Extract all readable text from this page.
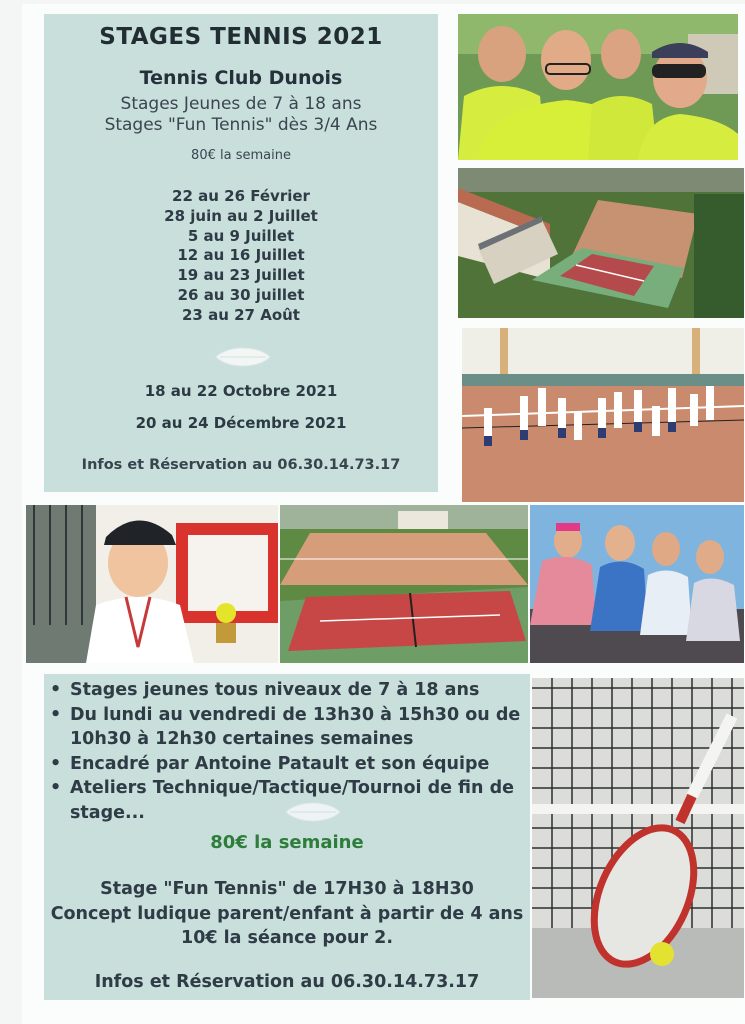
STAGES TENNIS 2021
Tennis Club Dunois
Stages Jeunes de 7 à 18 ans
Stages "Fun Tennis" dès 3/4 Ans
80€ la semaine
22 au 26 Février
28 juin au 2 Juillet
5 au 9 Juillet
12 au 16 Juillet
19 au 23 Juillet
26 au 30 juillet
23 au 27 Août
18 au 22 Octobre 2021
20 au 24 Décembre 2021
Infos et Réservation au 06.30.14.73.17
• Stages jeunes tous niveaux de 7 à 18 ans
• Du lundi au vendredi de 13h30 à 15h30 ou de 10h30 à 12h30 certaines semaines
• Encadré par Antoine Patault et son équipe
• Ateliers Technique/Tactique/Tournoi de fin de stage...
80€ la semaine
Stage "Fun Tennis" de 17H30 à 18H30
Concept ludique parent/enfant à partir de 4 ans
10€ la séance pour 2.
Infos et Réservation au 06.30.14.73.17
